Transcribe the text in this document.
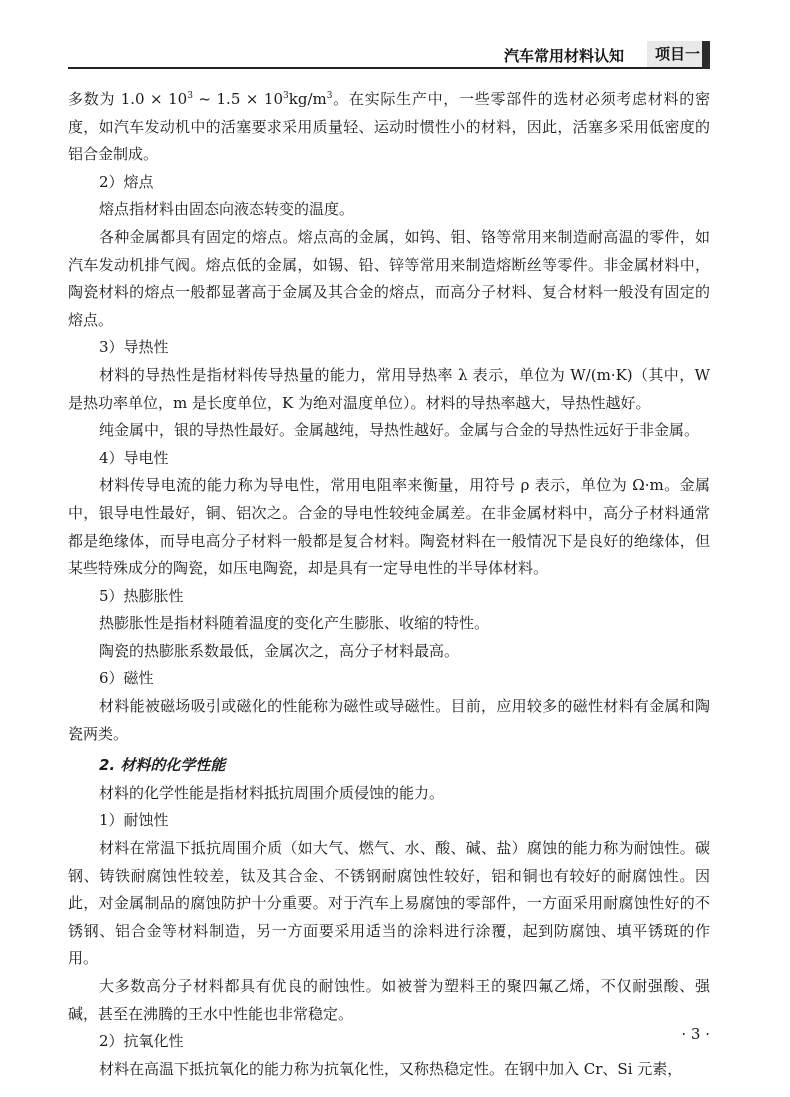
汽车常用材料认知	项目一

多数为 $1.0 \times 10^3$ ~ $1.5 \times 10^3kg/m^3$。在实际生产中，一些零部件的选材必须考虑材料的密度，如汽车发动机中的活塞要求采用质量轻、运动时惯性小的材料，因此，活塞多采用低密度的铝合金制成。

2）熔点

熔点指材料由固态向液态转变的温度。

各种金属都具有固定的熔点。熔点高的金属，如钨、钼、铬等常用来制造耐高温的零件，如汽车发动机排气阀。熔点低的金属，如锡、铅、锌等常用来制造熔断丝等零件。非金属材料中，陶瓷材料的熔点一般都显著高于金属及其合金的熔点，而高分子材料、复合材料一般没有固定的熔点。

3）导热性

材料的导热性是指材料传导热量的能力，常用导热率 λ 表示，单位为 W/(m·K)（其中，W 是热功率单位，m 是长度单位，K 为绝对温度单位）。材料的导热率越大，导热性越好。

纯金属中，银的导热性最好。金属越纯，导热性越好。金属与合金的导热性远好于非金属。

4）导电性

材料传导电流的能力称为导电性，常用电阻率来衡量，用符号 ρ 表示，单位为 Ω·m。金属中，银导电性最好，铜、铝次之。合金的导电性较纯金属差。在非金属材料中，高分子材料通常都是绝缘体，而导电高分子材料一般都是复合材料。陶瓷材料在一般情况下是良好的绝缘体，但某些特殊成分的陶瓷，如压电陶瓷，却是具有一定导电性的半导体材料。

5）热膨胀性

热膨胀性是指材料随着温度的变化产生膨胀、收缩的特性。

陶瓷的热膨胀系数最低，金属次之，高分子材料最高。

6）磁性

材料能被磁场吸引或磁化的性能称为磁性或导磁性。目前，应用较多的磁性材料有金属和陶瓷两类。

2. 材料的化学性能

材料的化学性能是指材料抵抗周围介质侵蚀的能力。

1）耐蚀性

材料在常温下抵抗周围介质（如大气、燃气、水、酸、碱、盐）腐蚀的能力称为耐蚀性。碳钢、铸铁耐腐蚀性较差，钛及其合金、不锈钢耐腐蚀性较好，铝和铜也有较好的耐腐蚀性。因此，对金属制品的腐蚀防护十分重要。对于汽车上易腐蚀的零部件，一方面采用耐腐蚀性好的不锈钢、铝合金等材料制造，另一方面要采用适当的涂料进行涂覆，起到防腐蚀、填平锈斑的作用。

大多数高分子材料都具有优良的耐蚀性。如被誉为塑料王的聚四氟乙烯，不仅耐强酸、强碱，甚至在沸腾的王水中性能也非常稳定。

2）抗氧化性

材料在高温下抵抗氧化的能力称为抗氧化性，又称热稳定性。在钢中加入 Cr、Si 元素，

· 3 ·
